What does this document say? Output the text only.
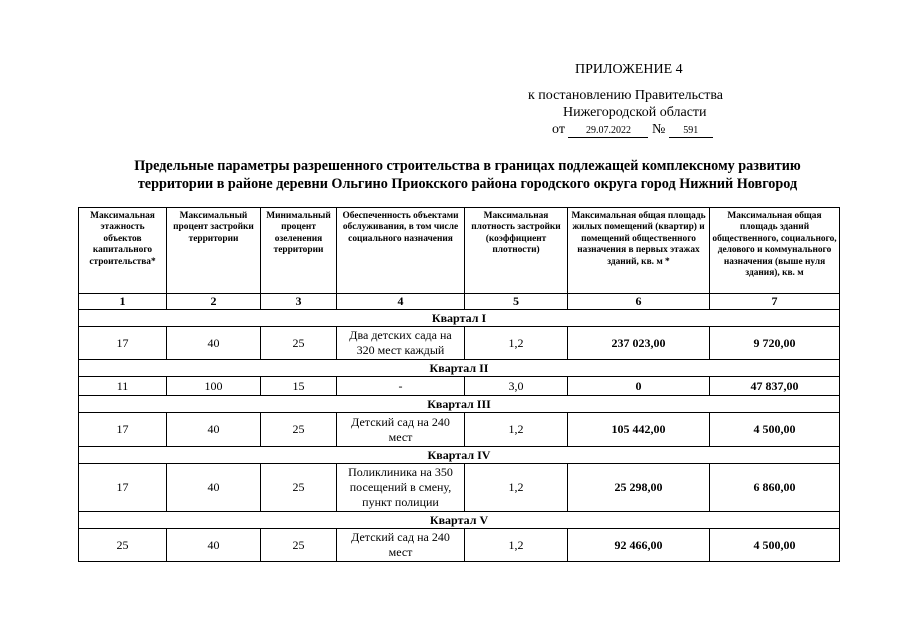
ПРИЛОЖЕНИЕ 4
к постановлению Правительства
Нижегородской области
от 29.07.2022 № 591
Предельные параметры разрешенного строительства в границах подлежащей комплексному развитию
территории в районе деревни Ольгино Приокского района городского округа город Нижний Новгород
Максимальная этажность объектов капитального строительства*	Максимальный процент застройки территории	Минимальный процент озеленения территории	Обеспеченность объектами обслуживания, в том числе социального назначения	Максимальная плотность застройки (коэффициент плотности)	Максимальная общая площадь жилых помещений (квартир) и помещений общественного назначения в первых этажах зданий, кв. м *	Максимальная общая площадь зданий общественного, социального, делового и коммунального назначения (выше нуля здания), кв. м
1	2	3	4	5	6	7
Квартал I						
17	40	25	Два детских сада на 320 мест каждый	1,2	237 023,00	9 720,00
Квартал II						
11	100	15	-	3,0	0	47 837,00
Квартал III						
17	40	25	Детский сад на 240 мест	1,2	105 442,00	4 500,00
Квартал IV						
17	40	25	Поликлиника на 350 посещений в смену, пункт полиции	1,2	25 298,00	6 860,00
Квартал V						
25	40	25	Детский сад на 240 мест	1,2	92 466,00	4 500,00
